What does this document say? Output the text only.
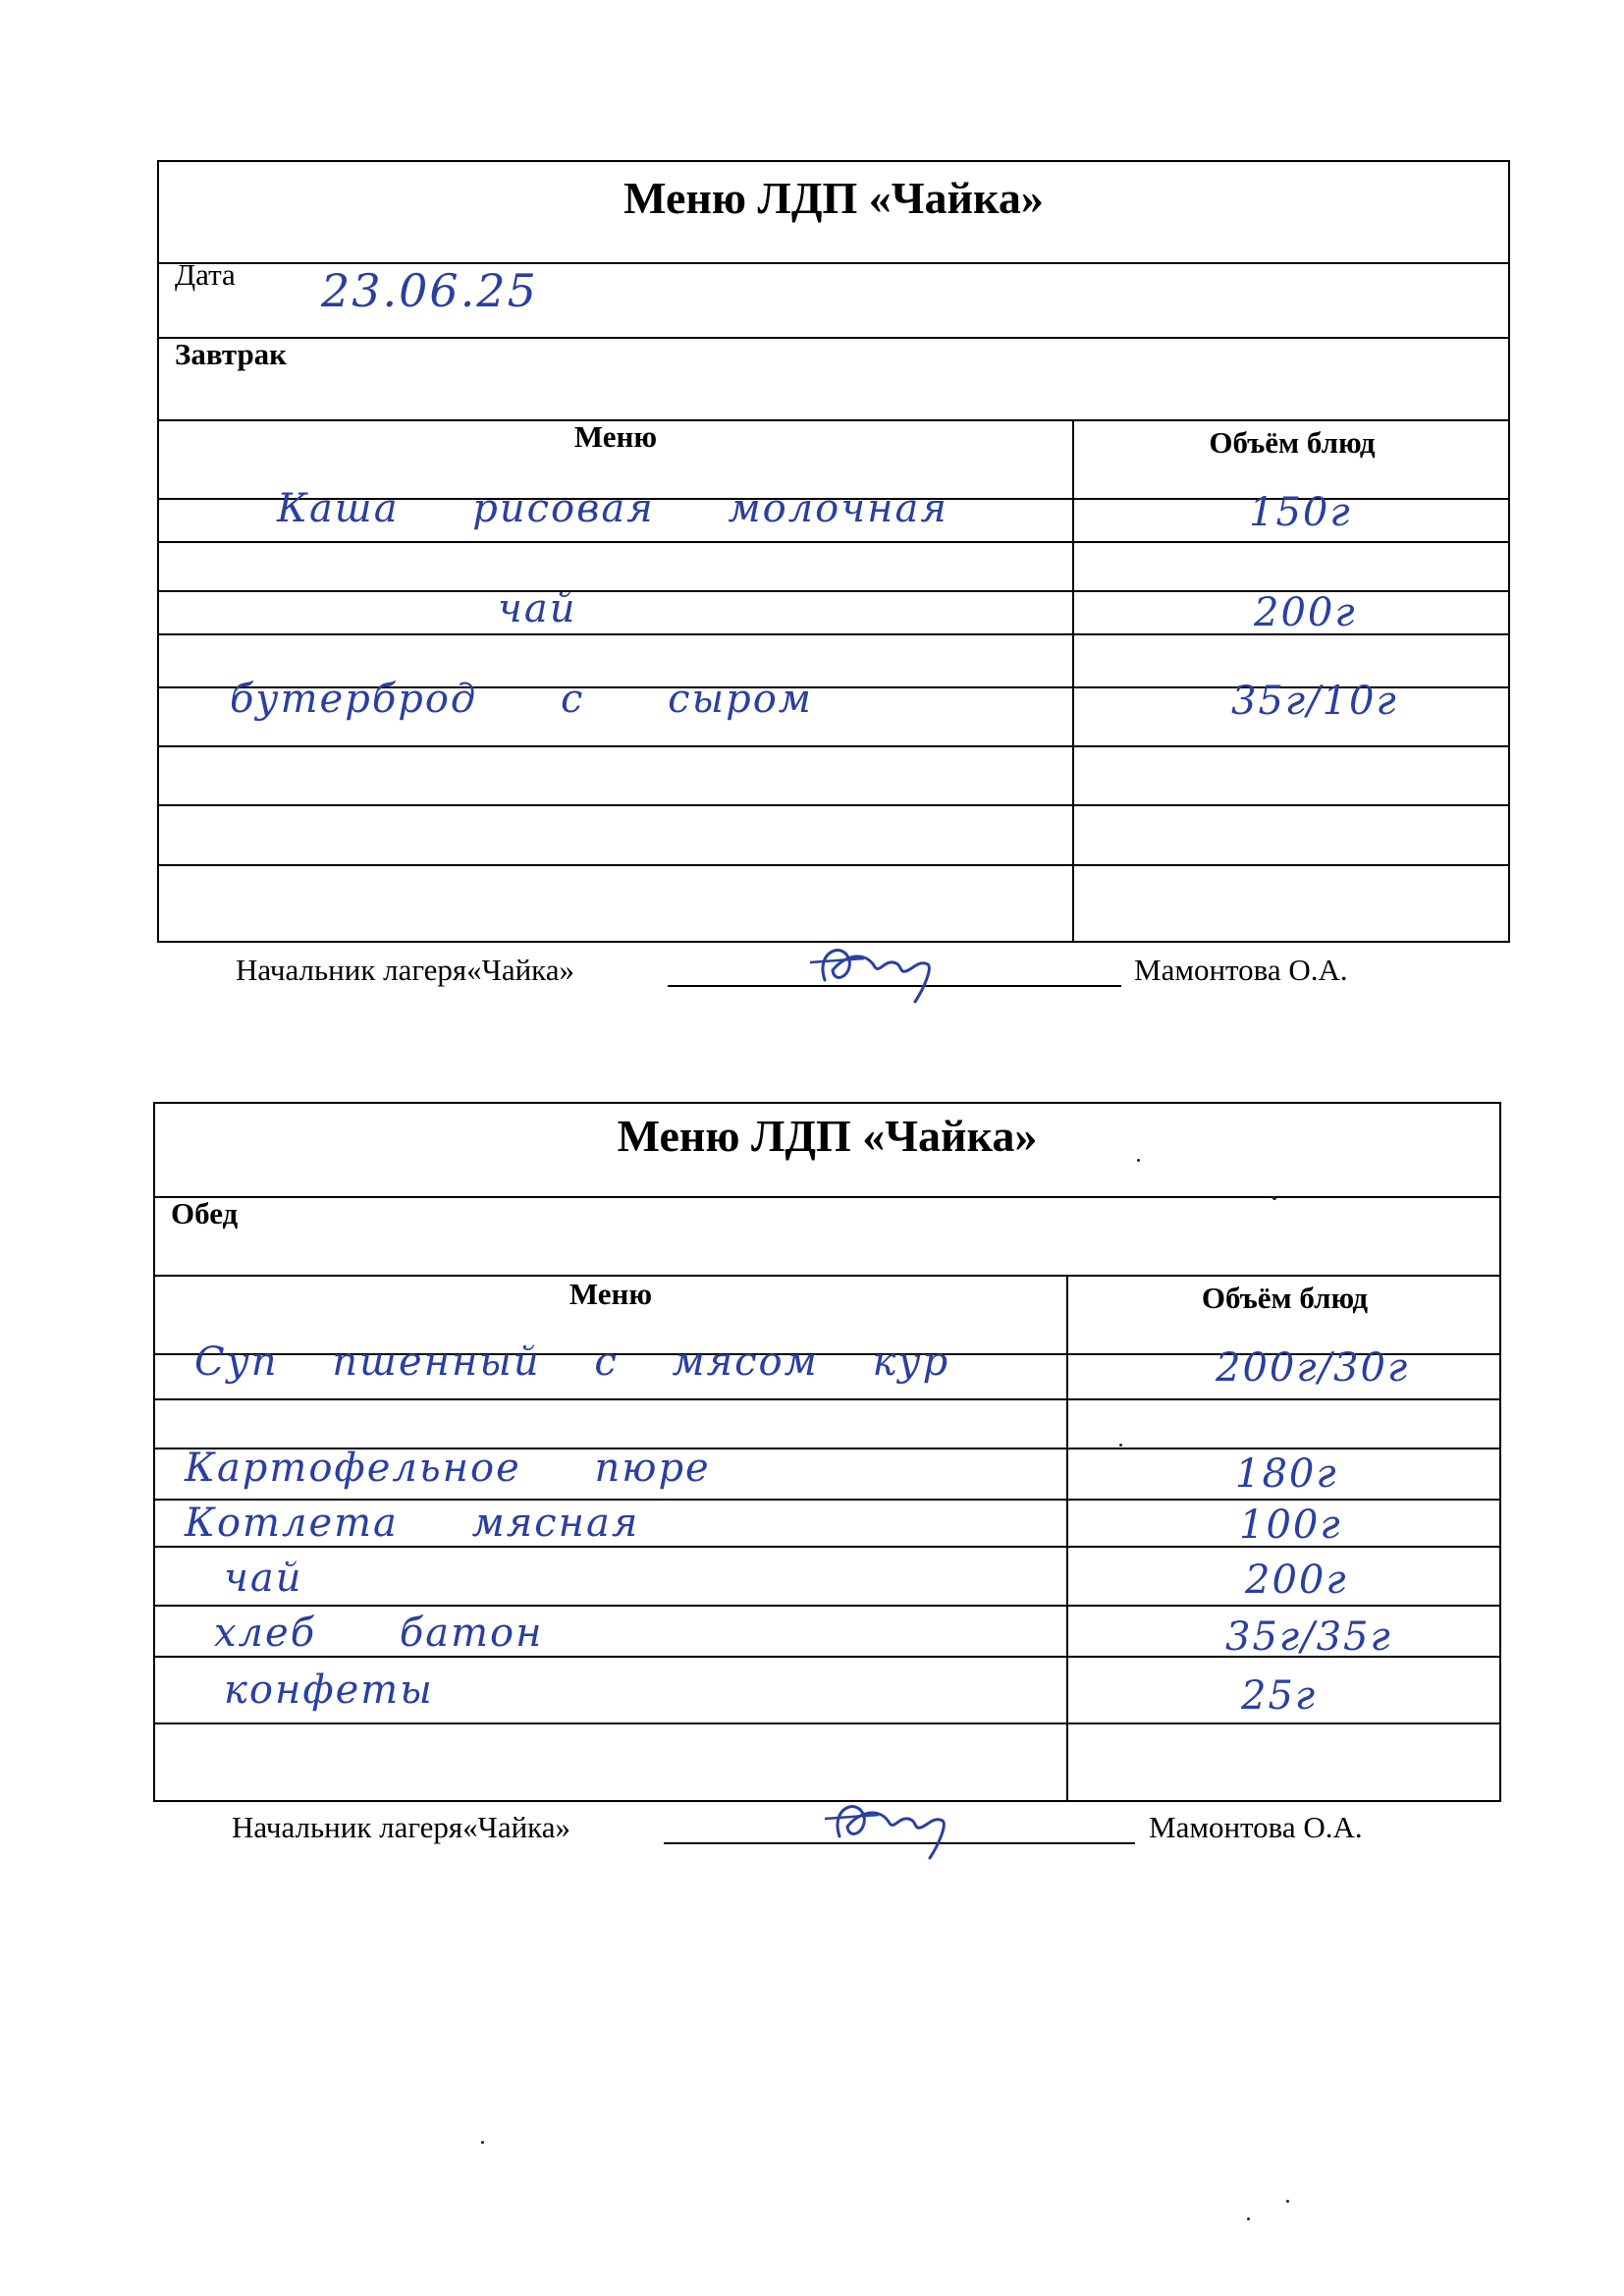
Меню ЛДП «Чайка»
Дата 23.06.25
Завтрак
Меню	Объём блюд
Каша рисовая молочная	150г
чай	200г
бутерброд с сыром	35г/10г
Начальник лагеря«Чайка»	Мамонтова О.А.
Меню ЛДП «Чайка»
Обед
Меню	Объём блюд
Суп пшенный с мясом кур	200г/30г
Картофельное пюре	180г
Котлета мясная	100г
чай	200г
хлеб батон	35г/35г
конфеты	25г
Начальник лагеря«Чайка»	Мамонтова О.А.
